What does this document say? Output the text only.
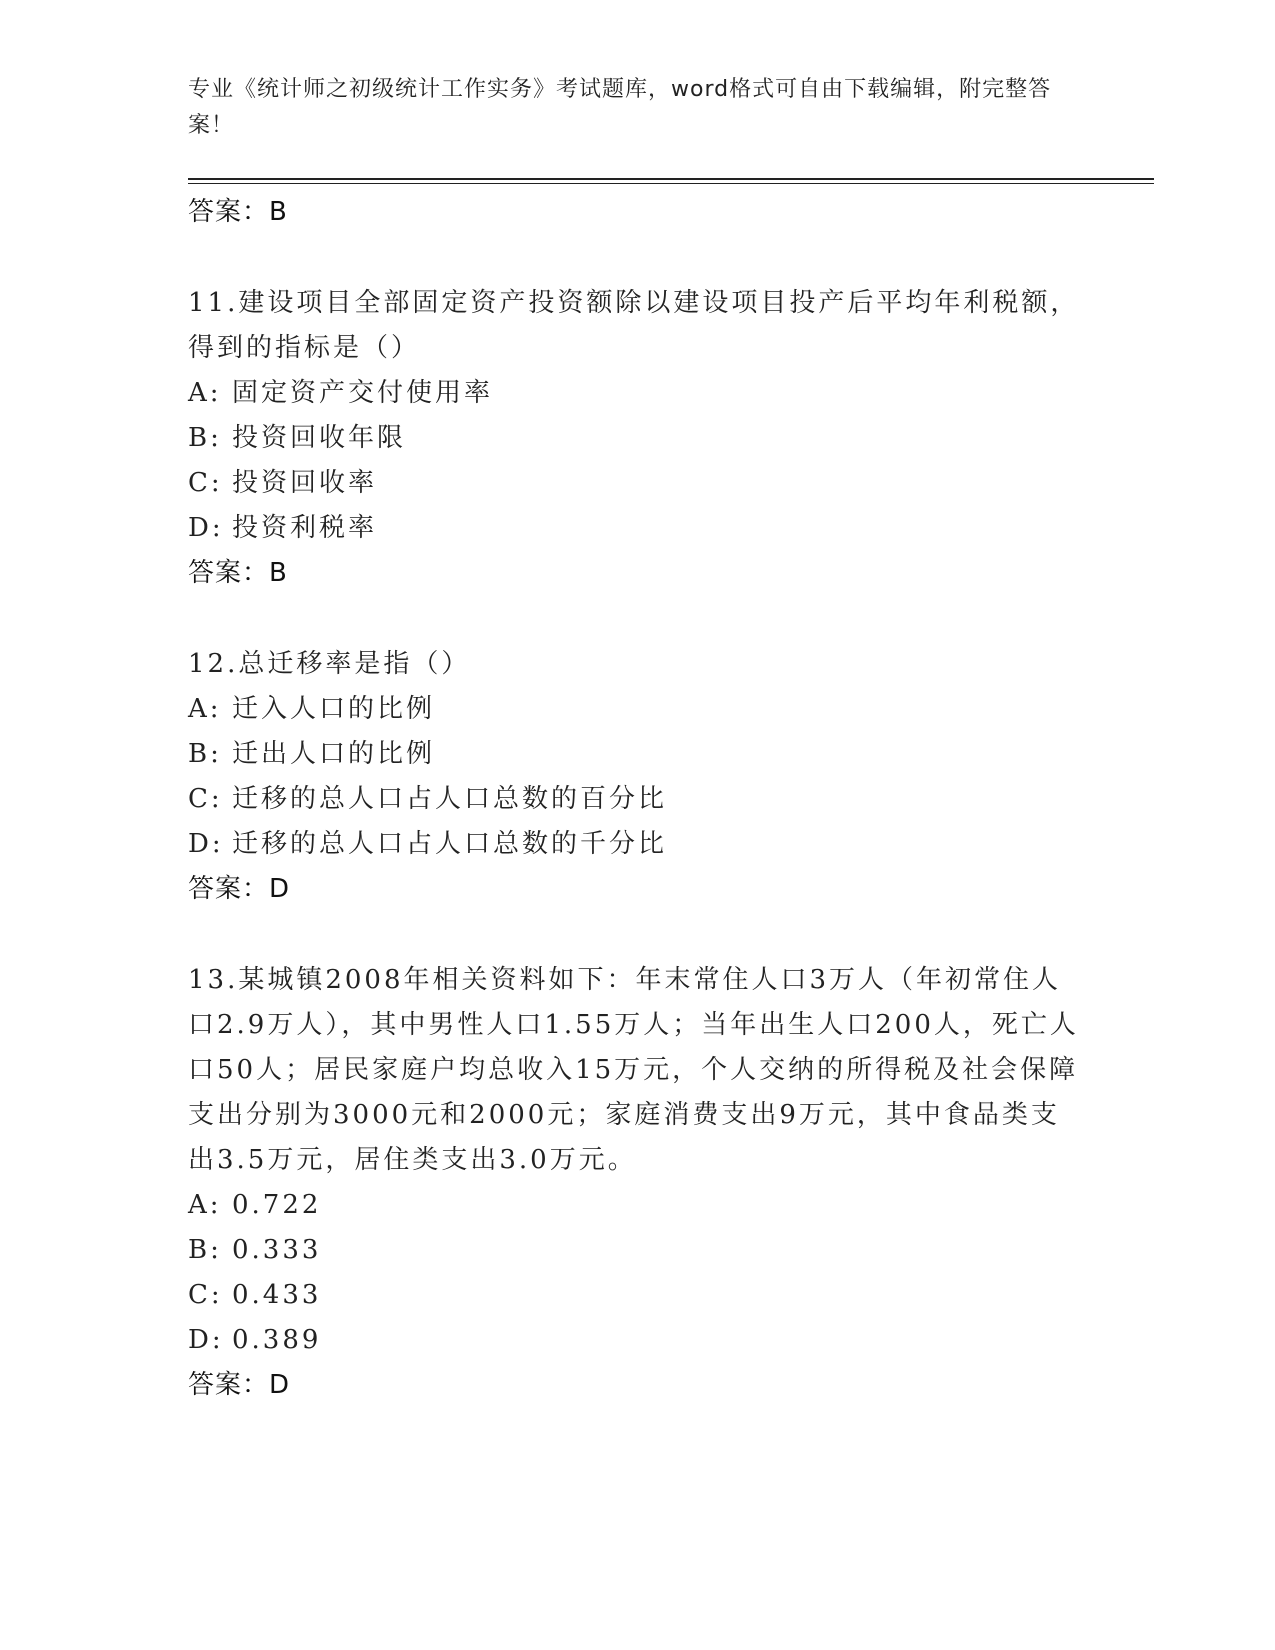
专业《统计师之初级统计工作实务》考试题库，word格式可自由下载编辑，附完整答案！
答案：B
11.建设项目全部固定资产投资额除以建设项目投产后平均年利税额，得到的指标是（）
A: 固定资产交付使用率
B: 投资回收年限
C: 投资回收率
D: 投资利税率
答案：B
12.总迁移率是指（）
A: 迁入人口的比例
B: 迁出人口的比例
C: 迁移的总人口占人口总数的百分比
D: 迁移的总人口占人口总数的千分比
答案：D
13.某城镇2008年相关资料如下：年末常住人口3万人（年初常住人口2.9万人），其中男性人口1.55万人；当年出生人口200人，死亡人口50人；居民家庭户均总收入15万元，个人交纳的所得税及社会保障支出分别为3000元和2000元；家庭消费支出9万元，其中食品类支出3.5万元，居住类支出3.0万元。
A: 0.722
B: 0.333
C: 0.433
D: 0.389
答案：D
